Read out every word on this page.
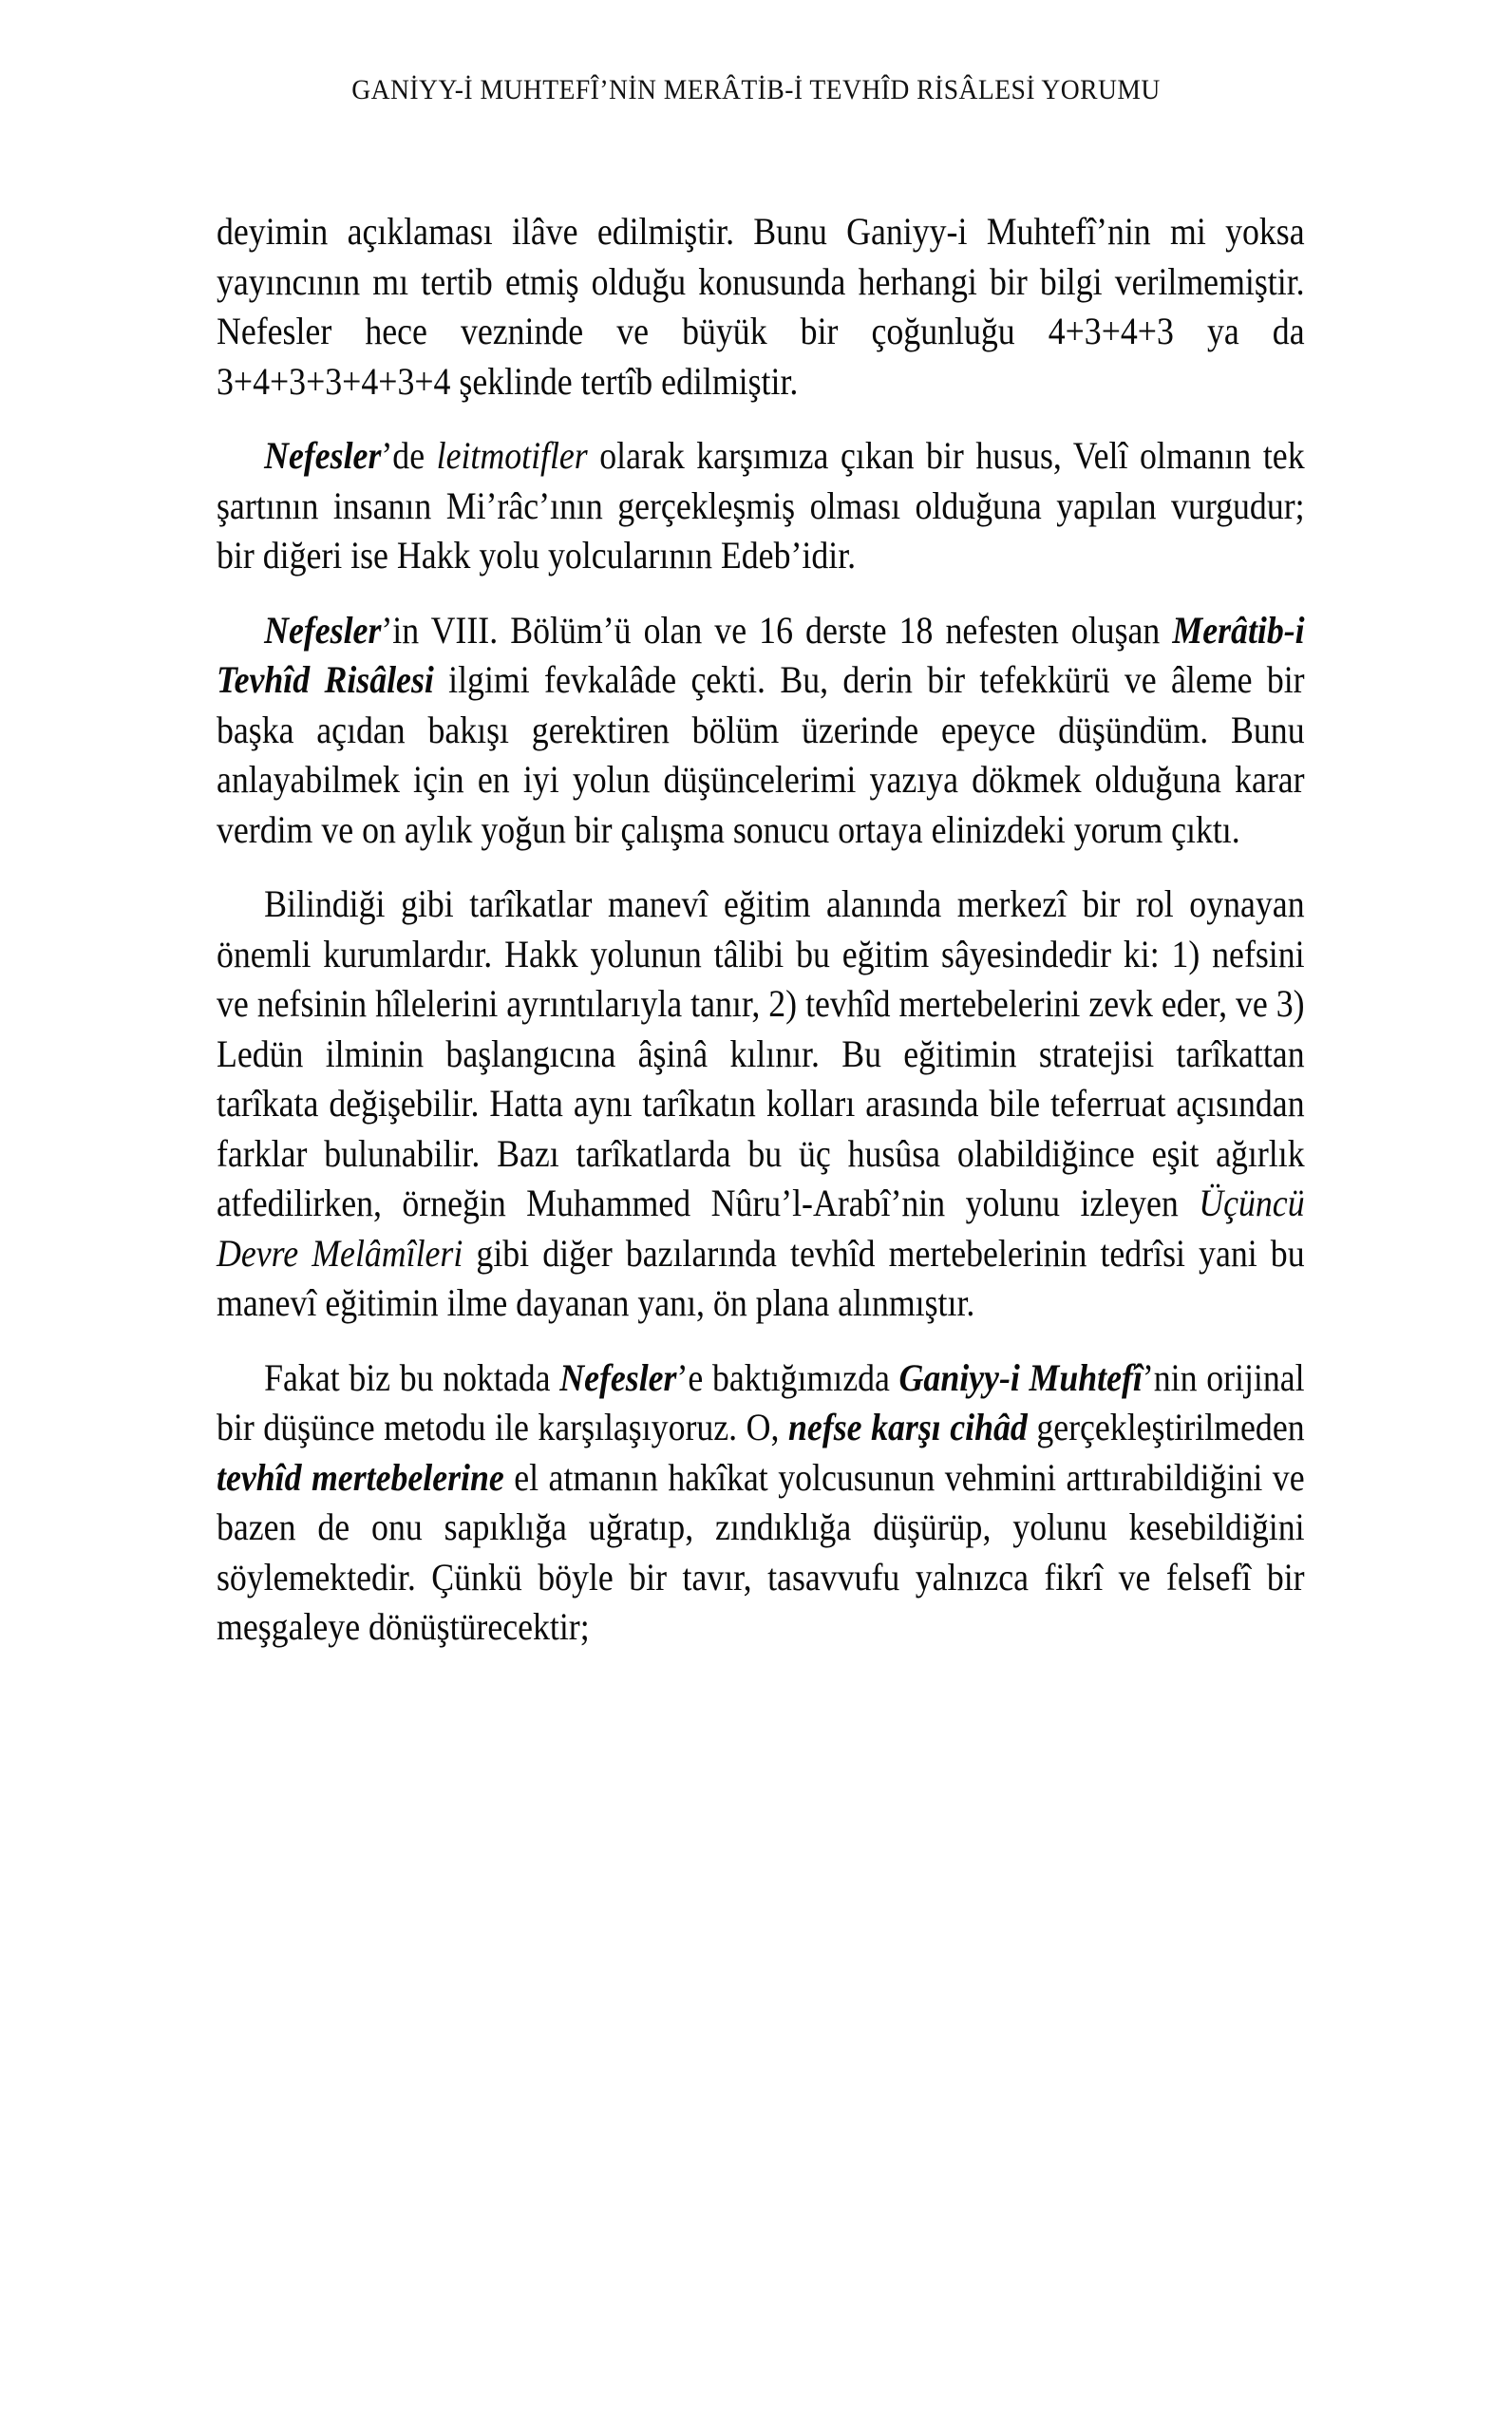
GANİYY-İ MUHTEFÎ’NİN MERÂTİB-İ TEVHÎD RİSÂLESİ YORUMU

deyimin açıklaması ilâve edilmiştir. Bunu Ganiyy-i Muhtefî’nin mi yoksa yayıncının mı tertib etmiş olduğu konusunda herhangi bir bilgi verilmemiştir. Nefesler hece vezninde ve büyük bir çoğunluğu 4+3+4+3 ya da 3+4+3+3+4+3+4 şeklinde tertîb edilmiştir.

Nefesler’de leitmotifler olarak karşımıza çıkan bir husus, Velî olmanın tek şartının insanın Mi’râc’ının gerçekleşmiş olması olduğuna yapılan vurgudur; bir diğeri ise Hakk yolu yolcularının Edeb’idir.

Nefesler’in VIII. Bölüm’ü olan ve 16 derste 18 nefesten oluşan Merâtib-i Tevhîd Risâlesi ilgimi fevkalâde çekti. Bu, derin bir tefekkürü ve âleme bir başka açıdan bakışı gerektiren bölüm üzerinde epeyce düşündüm. Bunu anlayabilmek için en iyi yolun düşüncelerimi yazıya dökmek olduğuna karar verdim ve on aylık yoğun bir çalışma sonucu ortaya elinizdeki yorum çıktı.

Bilindiği gibi tarîkatlar manevî eğitim alanında merkezî bir rol oynayan önemli kurumlardır. Hakk yolunun tâlibi bu eğitim sâyesindedir ki: 1) nefsini ve nefsinin hîlelerini ayrıntılarıyla tanır, 2) tevhîd mertebelerini zevk eder, ve 3) Ledün ilminin başlangıcına âşinâ kılınır. Bu eğitimin stratejisi tarîkattan tarîkata değişebilir. Hatta aynı tarîkatın kolları arasında bile teferruat açısından farklar bulunabilir. Bazı tarîkatlarda bu üç husûsa olabildiğince eşit ağırlık atfedilirken, örneğin Muhammed Nûru’l-Arabî’nin yolunu izleyen Üçüncü Devre Melâmîleri gibi diğer bazılarında tevhîd mertebelerinin tedrîsi yani bu manevî eğitimin ilme dayanan yanı, ön plana alınmıştır.

Fakat biz bu noktada Nefesler’e baktığımızda Ganiyy-i Muhtefî’nin orijinal bir düşünce metodu ile karşılaşıyoruz. O, nefse karşı cihâd gerçekleştirilmeden tevhîd mertebelerine el atmanın hakîkat yolcusunun vehmini arttırabildiğini ve bazen de onu sapıklığa uğratıp, zındıklığa düşürüp, yolunu kesebildiğini söylemektedir. Çünkü böyle bir tavır, tasavvufu yalnızca fikrî ve felsefî bir meşgaleye dönüştürecektir;
